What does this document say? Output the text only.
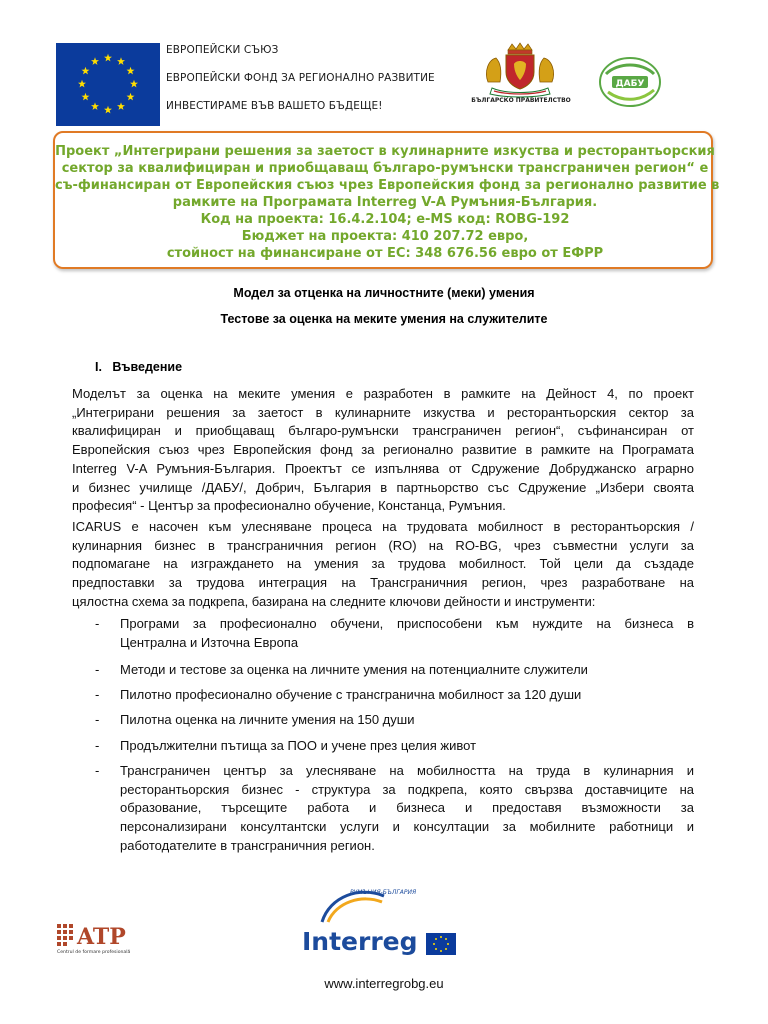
ЕВРОПЕЙСКИ СЪЮЗ
ЕВРОПЕЙСКИ ФОНД ЗА РЕГИОНАЛНО РАЗВИТИЕ
ИНВЕСТИРАМЕ ВЪВ ВАШЕТО БЪДЕЩЕ!	БЪЛГАРСКО ПРАВИТЕЛСТВО
ДАБУ
Проект „Интегрирани решения за заетост в кулинарните изкуства и ресторантьорския
сектор за квалифициран и приобщаващ българо-румънски трансграничен регион“ е
съ-финансиран от Европейския съюз чрез Европейския фонд за регионално развитие в
рамките на Програмата Interreg V-A Румъния-България.
Код на проекта: 16.4.2.104; e-MS код: ROBG-192
Бюджет на проекта: 410 207.72 евро,
стойност на финансиране от ЕС: 348 676.56 евро от ЕФРР
Модел за отценка на личностните (меки) умения
Тестове за оценка на меките умения на служителите
I.   Въведение
Моделът за оценка на меките умения е разработен в рамките на Дейност 4, по проект
„Интегрирани решения за заетост в кулинарните изкуства и ресторантьорския сектор за
квалифициран и приобщаващ българо-румънски трансграничен регион“, съфинансиран от
Европейския съюз чрез Европейския фонд за регионално развитие в рамките на Програмата
Interreg V-A Румъния-България. Проектът се изпълнява от Сдружение Добруджанско аграрно
и бизнес училище /ДАБУ/, Добрич, България в партньорство със Сдружение „Избери своята
професия“ - Център за професионално обучение, Констанца, Румъния.
ICARUS е насочен към улесняване процеса на трудовата мобилност в ресторантьорския /
кулинарния бизнес в трансграничния регион (RO) на RO-BG, чрез съвместни услуги за
подпомагане на изграждането на умения за трудова мобилност. Той цели да създаде
предпоставки за трудова интеграция на Трансграничния регион, чрез разработване на
цялостна схема за подкрепа, базирана на следните ключови дейности и инструменти:
- Програми за професионално обучени, приспособени към нуждите на бизнеса в
Централна и Източна Европа
- Методи и тестове за оценка на личните умения на потенциалните служители
- Пилотно професионално обучение с трансгранична мобилност за 120 души
- Пилотна оценка на личните умения на 150 души
- Продължителни пътища за ПОО и учене през целия живот
- Трансграничен център за улесняване на мобилността на труда в кулинарния и
ресторантьорския бизнес - структура за подкрепа, която свързва доставчиците на
образование, търсещите работа и бизнеса и предоставя възможности за
персонализирани консултантски услуги и консултации за мобилните работници и
работодателите в трансграничния регион.
ATP
Centrul de formare profesională
РУМЪНИЯ-БЪЛГАРИЯ
Interreg
www.interregrobg.eu
